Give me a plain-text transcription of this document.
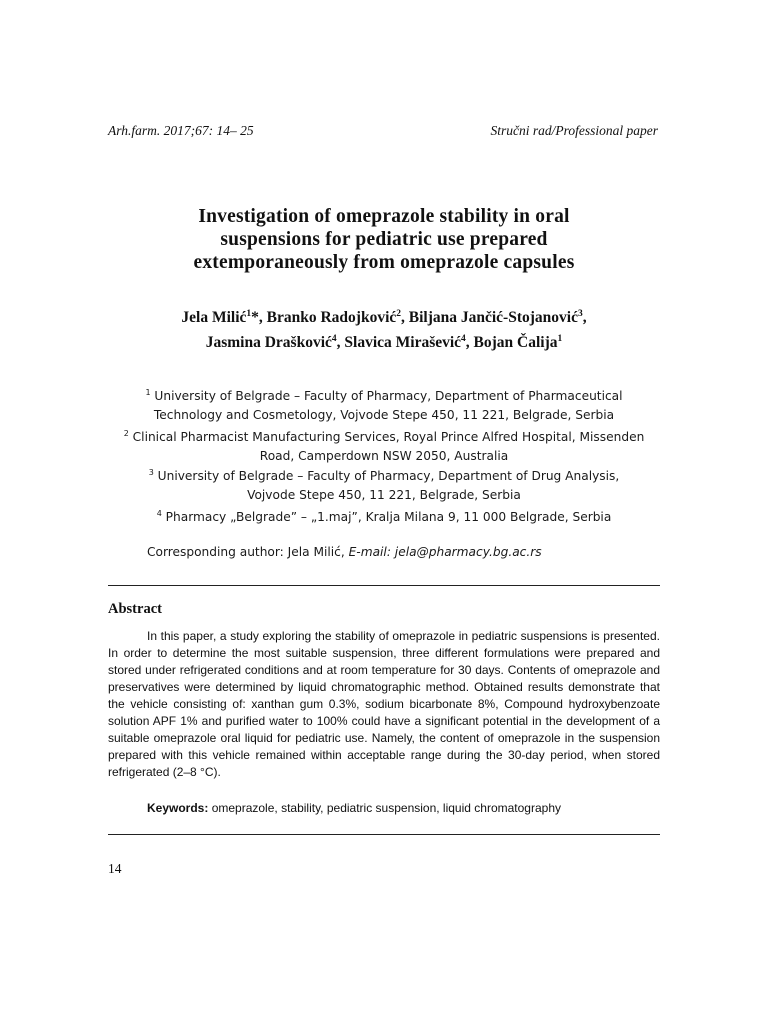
Arh.farm. 2017;67: 14– 25	Stručni rad/Professional paper
Investigation of omeprazole stability in oral
suspensions for pediatric use prepared
extemporaneously from omeprazole capsules
Jela Milić$^1$*, Branko Radojković$^2$, Biljana Jančić-Stojanović$^3$,
Jasmina Drašković$^4$, Slavica Mirašević$^4$, Bojan Čalija$^1$
$^1$ University of Belgrade – Faculty of Pharmacy, Department of Pharmaceutical
Technology and Cosmetology, Vojvode Stepe 450, 11 221, Belgrade, Serbia
$^2$ Clinical Pharmacist Manufacturing Services, Royal Prince Alfred Hospital, Missenden
Road, Camperdown NSW 2050, Australia
$^3$ University of Belgrade – Faculty of Pharmacy, Department of Drug Analysis,
Vojvode Stepe 450, 11 221, Belgrade, Serbia
$^4$ Pharmacy „Belgrade” – „1.maj”, Kralja Milana 9, 11 000 Belgrade, Serbia
Corresponding author: Jela Milić, E-mail: jela@pharmacy.bg.ac.rs
Abstract
In this paper, a study exploring the stability of omeprazole in pediatric suspensions is presented. In order to determine the most suitable suspension, three different formulations were prepared and stored under refrigerated conditions and at room temperature for 30 days. Contents of omeprazole and preservatives were determined by liquid chromatographic method. Obtained results demonstrate that the vehicle consisting of: xanthan gum 0.3%, sodium bicarbonate 8%, Compound hydroxybenzoate solution APF 1% and purified water to 100% could have a significant potential in the development of a suitable omeprazole oral liquid for pediatric use. Namely, the content of omeprazole in the suspension prepared with this vehicle remained within acceptable range during the 30-day period, when stored refrigerated (2–8 °C).
Keywords: omeprazole, stability, pediatric suspension, liquid chromatography
14
